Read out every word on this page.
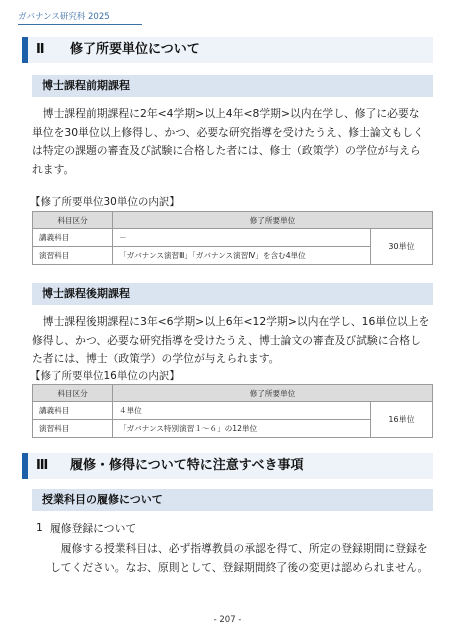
ガバナンス研究科 2025
Ⅱ 修了所要単位について
博士課程前期課程

博士課程前期課程に2年<4学期>以上4年<8学期>以内在学し、修了に必要な単位を30単位以上修得し、かつ、必要な研究指導を受けたうえ、修士論文もしくは特定の課題の審査及び試験に合格した者には、修士（政策学）の学位が与えられます。

【修了所要単位30単位の内訳】
科目区分	修了所要単位	
講義科目	－	30単位
演習科目	「ガバナンス演習Ⅲ」「ガバナンス演習Ⅳ」を含む4単位	
博士課程後期課程

博士課程後期課程に3年<6学期>以上6年<12学期>以内在学し、16単位以上を修得し、かつ、必要な研究指導を受けたうえ、博士論文の審査及び試験に合格した者には、博士（政策学）の学位が与えられます。

【修了所要単位16単位の内訳】
科目区分	修了所要単位	
講義科目	４単位	16単位
演習科目	「ガバナンス特別演習１～６」の12単位	
Ⅲ 履修・修得について特に注意すべき事項
授業科目の履修について
1 履修登録について

履修する授業科目は、必ず指導教員の承認を得て、所定の登録期間に登録をしてください。なお、原則として、登録期間終了後の変更は認められません。

- 207 -
